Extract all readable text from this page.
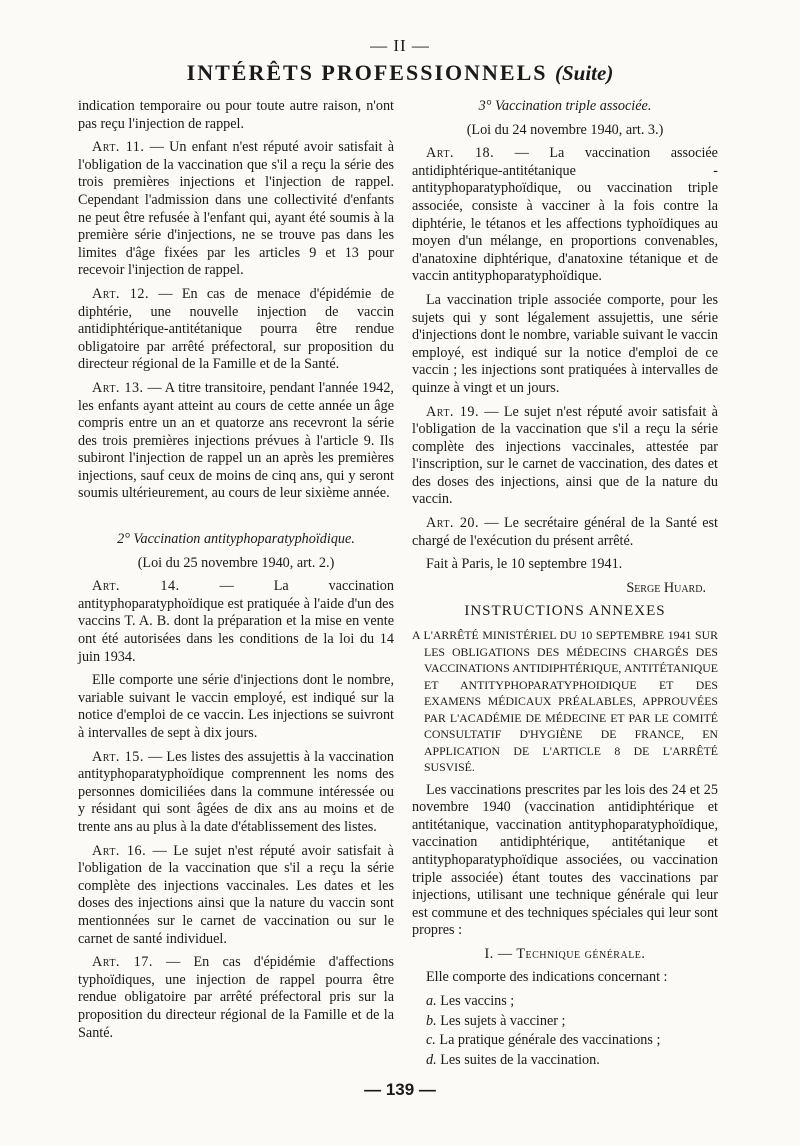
— II —
INTÉRÊTS PROFESSIONNELS (Suite)

indication temporaire ou pour toute autre raison, n'ont pas reçu l'injection de rappel.

Art. 11. — Un enfant n'est réputé avoir satisfait à l'obligation de la vaccination que s'il a reçu la série des trois premières injections et l'injection de rappel. Cependant l'admission dans une collectivité d'enfants ne peut être refusée à l'enfant qui, ayant été soumis à la première série d'injections, ne se trouve pas dans les limites d'âge fixées par les articles 9 et 13 pour recevoir l'injection de rappel.

Art. 12. — En cas de menace d'épidémie de diphtérie, une nouvelle injection de vaccin antidiphtérique-antitétanique pourra être rendue obligatoire par arrêté préfectoral, sur proposition du directeur régional de la Famille et de la Santé.

Art. 13. — A titre transitoire, pendant l'année 1942, les enfants ayant atteint au cours de cette année un âge compris entre un an et quatorze ans recevront la série des trois premières injections prévues à l'article 9. Ils subiront l'injection de rappel un an après les premières injections, sauf ceux de moins de cinq ans, qui y seront soumis ultérieurement, au cours de leur sixième année.

2° Vaccination antityphoparatyphoïdique.

(Loi du 25 novembre 1940, art. 2.)

Art. 14. — La vaccination antityphoparatyphoïdique est pratiquée à l'aide d'un des vaccins T. A. B. dont la préparation et la mise en vente ont été autorisées dans les conditions de la loi du 14 juin 1934.

Elle comporte une série d'injections dont le nombre, variable suivant le vaccin employé, est indiqué sur la notice d'emploi de ce vaccin. Les injections se suivront à intervalles de sept à dix jours.

Art. 15. — Les listes des assujettis à la vaccination antityphoparatyphoïdique comprennent les noms des personnes domiciliées dans la commune intéressée ou y résidant qui sont âgées de dix ans au moins et de trente ans au plus à la date d'établissement des listes.

Art. 16. — Le sujet n'est réputé avoir satisfait à l'obligation de la vaccination que s'il a reçu la série complète des injections vaccinales. Les dates et les doses des injections ainsi que la nature du vaccin sont mentionnées sur le carnet de vaccination ou sur le carnet de santé individuel.

Art. 17. — En cas d'épidémie d'affections typhoïdiques, une injection de rappel pourra être rendue obligatoire par arrêté préfectoral pris sur la proposition du directeur régional de la Famille et de la Santé.

3° Vaccination triple associée.

(Loi du 24 novembre 1940, art. 3.)

Art. 18. — La vaccination associée antidiphtérique-antitétanique - antityphoparatyphoïdique, ou vaccination triple associée, consiste à vacciner à la fois contre la diphtérie, le tétanos et les affections typhoïdiques au moyen d'un mélange, en proportions convenables, d'anatoxine diphtérique, d'anatoxine tétanique et de vaccin antityphoparatyphoïdique.

La vaccination triple associée comporte, pour les sujets qui y sont légalement assujettis, une série d'injections dont le nombre, variable suivant le vaccin employé, est indiqué sur la notice d'emploi de ce vaccin ; les injections sont pratiquées à intervalles de quinze à vingt et un jours.

Art. 19. — Le sujet n'est réputé avoir satisfait à l'obligation de la vaccination que s'il a reçu la série complète des injections vaccinales, attestée par l'inscription, sur le carnet de vaccination, des dates et des doses des injections, ainsi que de la nature du vaccin.

Art. 20. — Le secrétaire général de la Santé est chargé de l'exécution du présent arrêté.

Fait à Paris, le 10 septembre 1941.

Serge Huard.

INSTRUCTIONS ANNEXES

A L'ARRÊTÉ MINISTÉRIEL DU 10 SEPTEMBRE 1941 SUR LES OBLIGATIONS DES MÉDECINS CHARGÉS DES VACCINATIONS ANTIDIPHTÉRIQUE, ANTITÉTANIQUE ET ANTITYPHOPARATYPHOIDIQUE ET DES EXAMENS MÉDICAUX PRÉALABLES, APPROUVÉES PAR L'ACADÉMIE DE MÉDECINE ET PAR LE COMITÉ CONSULTATIF D'HYGIÈNE DE FRANCE, EN APPLICATION DE L'ARTICLE 8 DE L'ARRÊTÉ SUSVISÉ.

Les vaccinations prescrites par les lois des 24 et 25 novembre 1940 (vaccination antidiphtérique et antitétanique, vaccination antityphoparatyphoïdique, vaccination antidiphtérique, antitétanique et antityphoparatyphoïdique associées, ou vaccination triple associée) étant toutes des vaccinations par injections, utilisant une technique générale qui leur est commune et des techniques spéciales qui leur sont propres :

I. — Technique générale.

Elle comporte des indications concernant :

a. Les vaccins ;
b. Les sujets à vacciner ;
c. La pratique générale des vaccinations ;
d. Les suites de la vaccination.
— 139 —
